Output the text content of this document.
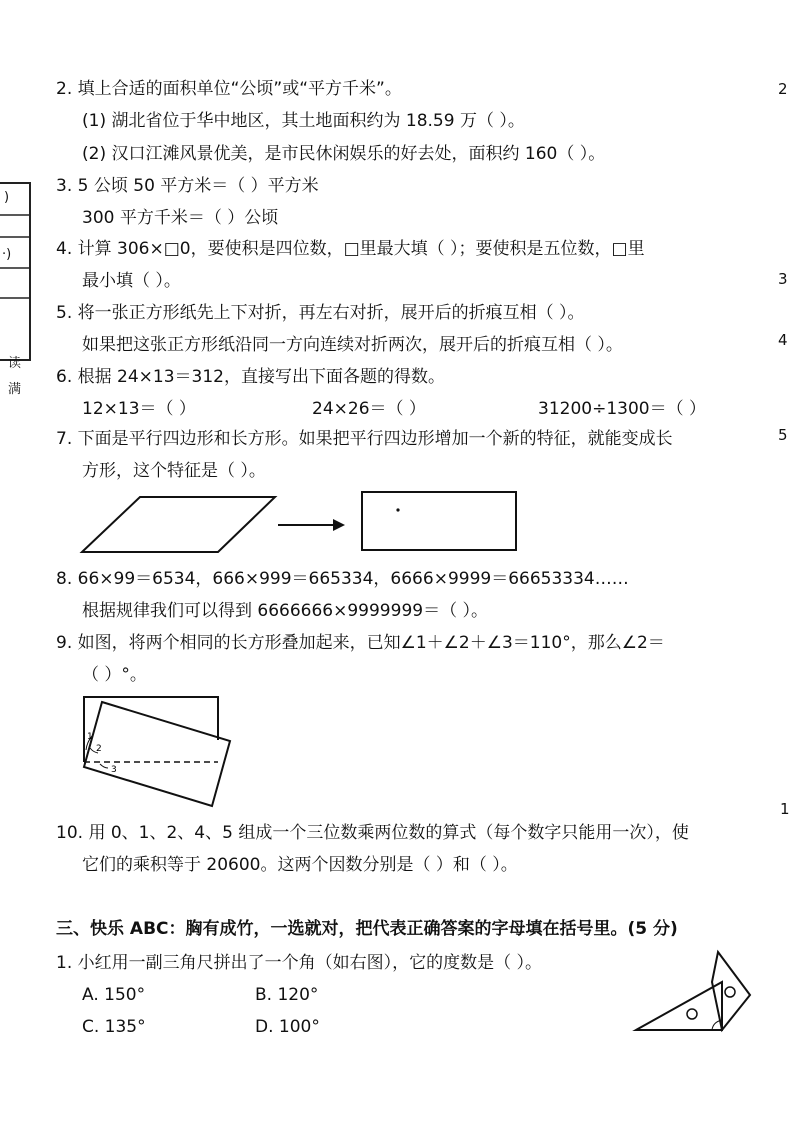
)
·)
读
满
2
3
4
5
1
2. 填上合适的面积单位“公顷”或“平方千米”。
(1) 湖北省位于华中地区，其土地面积约为 18.59 万（ ）。
(2) 汉口江滩风景优美，是市民休闲娱乐的好去处，面积约 160（ ）。
3. 5 公顷 50 平方米＝（ ）平方米
300 平方千米＝（ ）公顷
4. 计算 306×□0，要使积是四位数，□里最大填（ ）；要使积是五位数，□里
最小填（ ）。
5. 将一张正方形纸先上下对折，再左右对折，展开后的折痕互相（ ）。
如果把这张正方形纸沿同一方向连续对折两次，展开后的折痕互相（ ）。
6. 根据 24×13＝312，直接写出下面各题的得数。
12×13＝（ ）	24×26＝（ ）	31200÷1300＝（ ）
7. 下面是平行四边形和长方形。如果把平行四边形增加一个新的特征，就能变成长
方形，这个特征是（ ）。
8. 66×99＝6534，666×999＝665334，6666×9999＝66653334……
根据规律我们可以得到 6666666×9999999＝（ ）。
9. 如图，将两个相同的长方形叠加起来，已知∠1＋∠2＋∠3＝110°，那么∠2＝
（ ）°。
1
2
3
10. 用 0、1、2、4、5 组成一个三位数乘两位数的算式（每个数字只能用一次），使
它们的乘积等于 20600。这两个因数分别是（ ）和（ ）。
三、快乐 ABC：胸有成竹，一选就对，把代表正确答案的字母填在括号里。(5 分)
1. 小红用一副三角尺拼出了一个角（如右图），它的度数是（ ）。
A. 150°	B. 120°
C. 135°	D. 100°
